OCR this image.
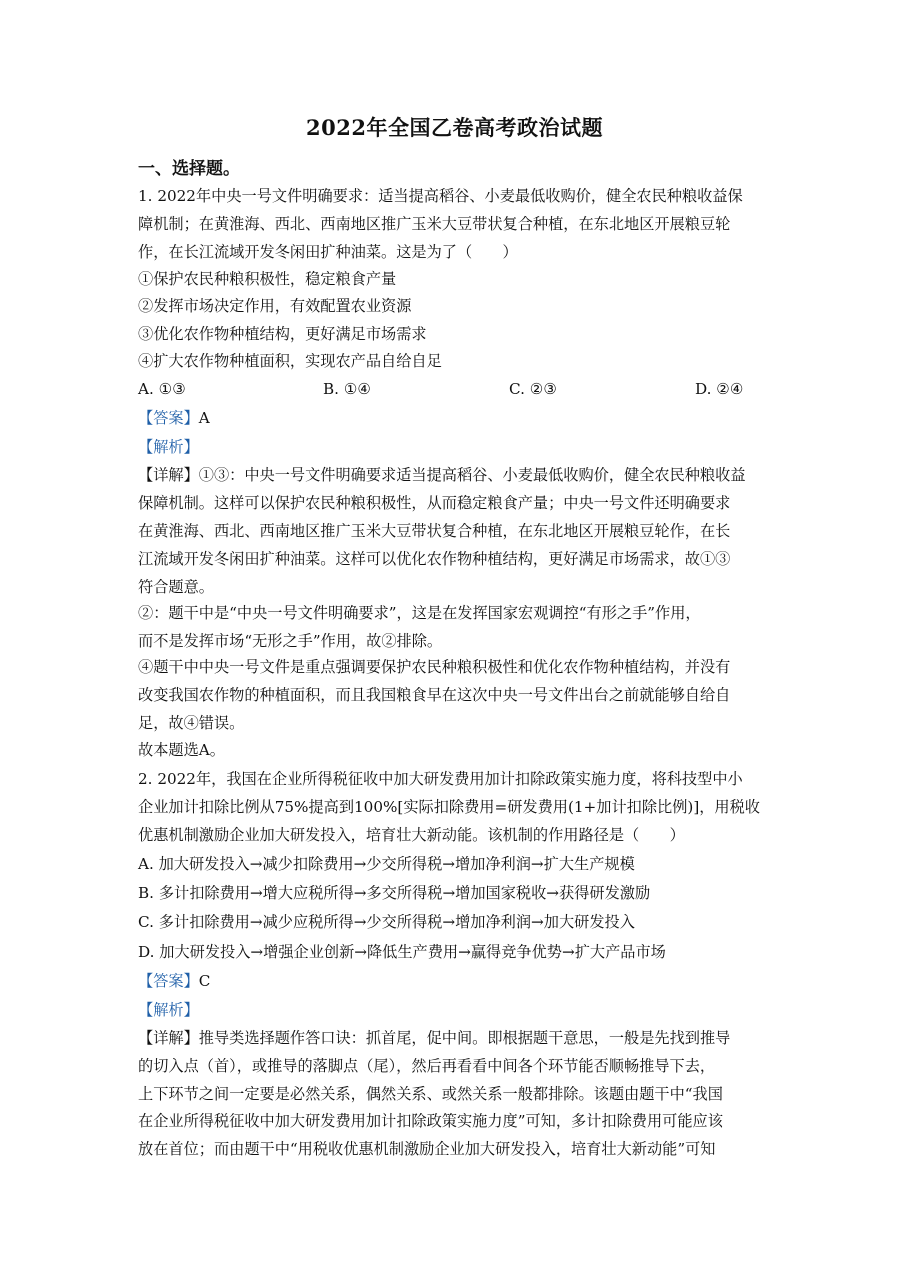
2022年全国乙卷高考政治试题
一、选择题。
1. 2022年中央一号文件明确要求：适当提高稻谷、小麦最低收购价，健全农民种粮收益保
障机制；在黄淮海、西北、西南地区推广玉米大豆带状复合种植，在东北地区开展粮豆轮
作，在长江流域开发冬闲田扩种油菜。这是为了（　　）
①保护农民种粮积极性，稳定粮食产量
②发挥市场决定作用，有效配置农业资源
③优化农作物种植结构，更好满足市场需求
④扩大农作物种植面积，实现农产品自给自足
A. ①③	B. ①④	C. ②③	D. ②④
【答案】A
【解析】
【详解】①③：中央一号文件明确要求适当提高稻谷、小麦最低收购价，健全农民种粮收益
保障机制。这样可以保护农民种粮积极性，从而稳定粮食产量；中央一号文件还明确要求
在黄淮海、西北、西南地区推广玉米大豆带状复合种植，在东北地区开展粮豆轮作，在长
江流域开发冬闲田扩种油菜。这样可以优化农作物种植结构，更好满足市场需求，故①③
符合题意。
②：题干中是“中央一号文件明确要求”，这是在发挥国家宏观调控“有形之手”作用，
而不是发挥市场“无形之手”作用，故②排除。
④题干中中央一号文件是重点强调要保护农民种粮积极性和优化农作物种植结构，并没有
改变我国农作物的种植面积，而且我国粮食早在这次中央一号文件出台之前就能够自给自
足，故④错误。
故本题选A。
2. 2022年，我国在企业所得税征收中加大研发费用加计扣除政策实施力度，将科技型中小
企业加计扣除比例从75%提高到100%[实际扣除费用=研发费用(1+加计扣除比例)]，用税收
优惠机制激励企业加大研发投入，培育壮大新动能。该机制的作用路径是（　　）
A. 加大研发投入→减少扣除费用→少交所得税→增加净利润→扩大生产规模
B. 多计扣除费用→增大应税所得→多交所得税→增加国家税收→获得研发激励
C. 多计扣除费用→减少应税所得→少交所得税→增加净利润→加大研发投入
D. 加大研发投入→增强企业创新→降低生产费用→赢得竞争优势→扩大产品市场
【答案】C
【解析】
【详解】推导类选择题作答口诀：抓首尾，促中间。即根据题干意思，一般是先找到推导
的切入点（首），或推导的落脚点（尾），然后再看看中间各个环节能否顺畅推导下去，
上下环节之间一定要是必然关系，偶然关系、或然关系一般都排除。该题由题干中“我国
在企业所得税征收中加大研发费用加计扣除政策实施力度”可知，多计扣除费用可能应该
放在首位；而由题干中“用税收优惠机制激励企业加大研发投入，培育壮大新动能”可知
